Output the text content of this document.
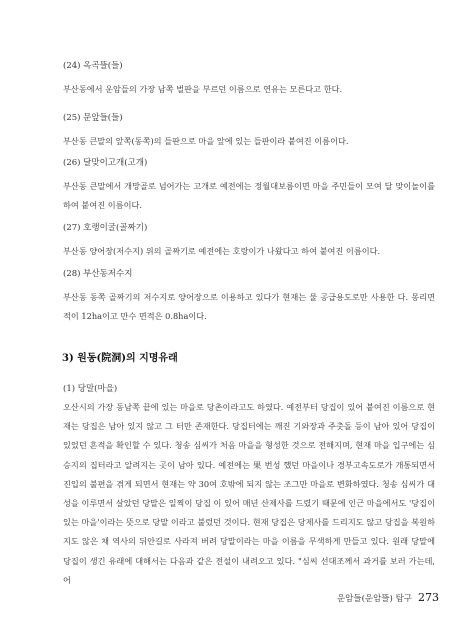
(24) 옥곡뜰(들)
부산동에서 운암들의 가장 남쪽 벌판을 부르던 이름으로 연유는 모른다고 한다.
(25) 문앞들(들)
부산동 큰말의 앞쪽(동쪽)의 들판으로 마을 앞에 있는 들판이라 붙여진 이름이다.
(26) 달맞이고개(고개)
부산동 큰말에서 개망골로 넘어가는 고개로 예전에는 정월대보름이면 마을 주민들이 모여 달 맞이놀이를 하여 붙여진 이름이다.
(27) 호랭이굴(골짜기)
부산동 양어장(저수지) 위의 골짜기로 예전에는 호랑이가 나왔다고 하여 붙여진 이름이다.
(28) 부산동저수지
부산동 동쪽 골짜기의 저수지로 양어장으로 이용하고 있다가 현재는 물 공급용도로만 사용한 다. 몽리면적이 12ha이고 만수 면적은 0.8ha이다.
3) 원동(院洞)의 지명유래
(1) 당말(마을)
오산시의 가장 동남쪽 끝에 있는 마을로 당촌이라고도 하였다. 예전부터 당집이 있어 붙여진 이름으로 현재는 당집은 남아 있지 않고 그 터만 존재한다. 당집터에는 깨진 기와장과 주춧돌 등이 남아 있어 당집이 있었던 흔적을 확인할 수 있다. 청송 심씨가 처음 마을을 형성한 것으로 전해지며, 현재 마을 입구에는 심승지의 집터라고 알려지는 곳이 남아 있다. 예전에는 果 번성 했던 마을이나 경부고속도로가 개통되면서 진입의 불편을 겪게 되면서 현재는 약 30여 호밖에 되지 않는 조그만 마을로 변화하였다. 청송 심씨가 대성을 이루면서 살았던 당말은 일찍이 당집 이 있어 매년 산제사를 드렸기 때문에 인근 마을에서도 '당집이 있는 마을'이라는 뜻으로 당말 이라고 불렀던 것이다. 현재 당집은 당제사를 드리지도 않고 당집을 복원하지도 않은 채 역사의 뒤안길로 사라져 버려 당말이라는 마을 이름을 무색하게 만들고 있다. 원래 당말에 당집이 생긴 유래에 대해서는 다음과 같은 전설이 내려오고 있다. "심씨 선대조께서 과거를 보러 가는데, 어
운암들(운암뜰) 탐구 273
